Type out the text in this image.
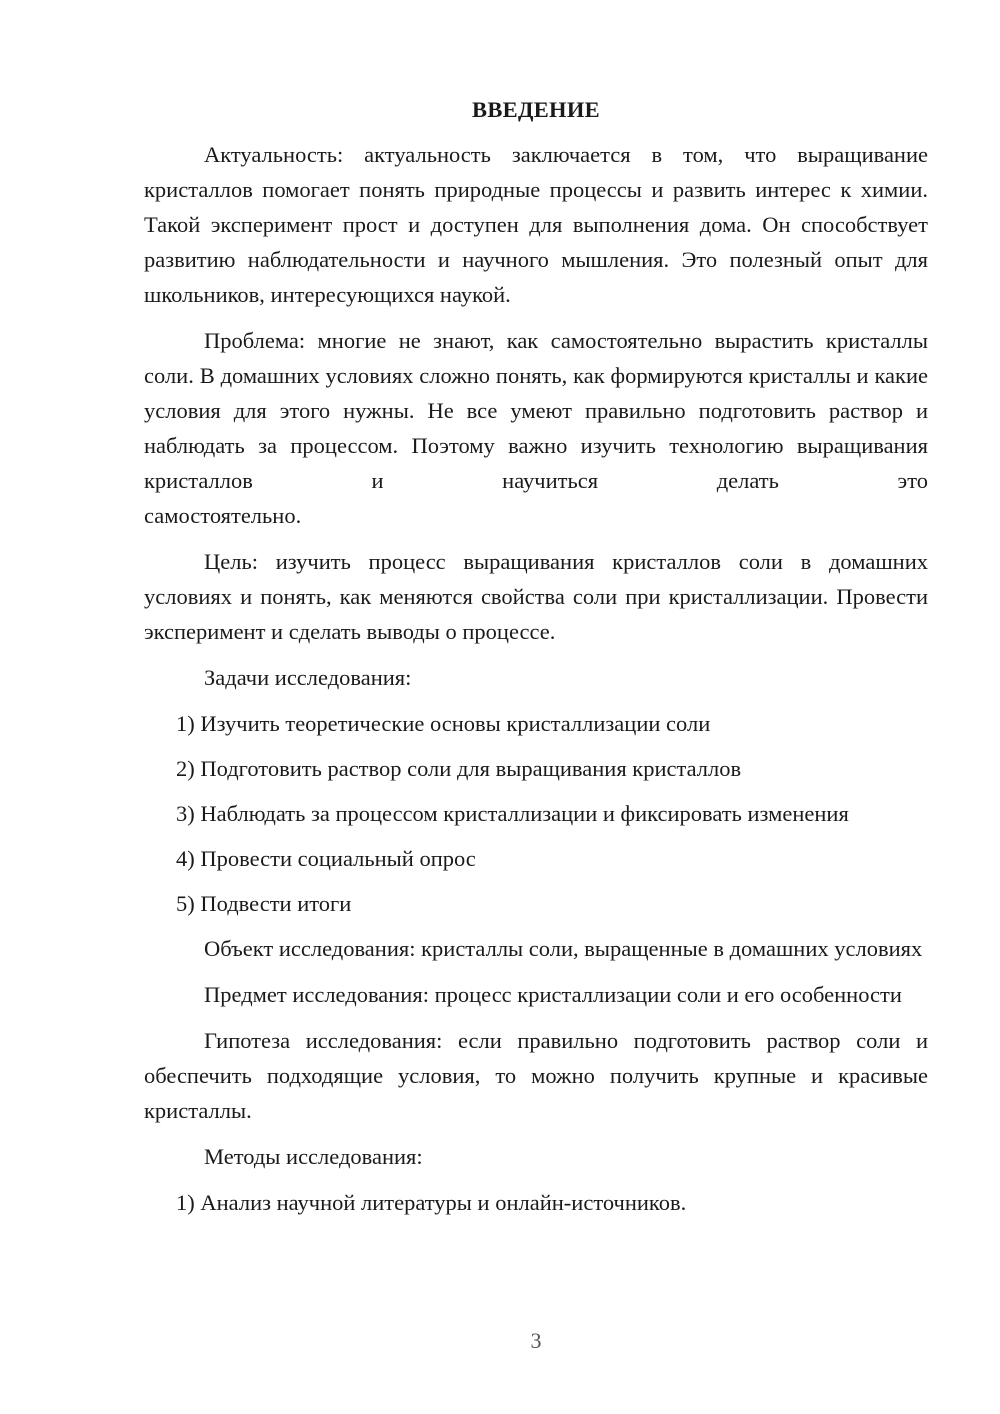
ВВЕДЕНИЕ

Актуальность: актуальность заключается в том, что выращивание кристаллов помогает понять природные процессы и развить интерес к химии. Такой эксперимент прост и доступен для выполнения дома. Он способствует развитию наблюдательности и научного мышления. Это полезный опыт для школьников, интересующихся наукой.

Проблема: многие не знают, как самостоятельно вырастить кристаллы соли. В домашних условиях сложно понять, как формируются кристаллы и какие условия для этого нужны. Не все умеют правильно подготовить раствор и наблюдать за процессом. Поэтому важно изучить технологию выращивания кристаллов и научиться делать это

самостоятельно.

Цель: изучить процесс выращивания кристаллов соли в домашних условиях и понять, как меняются свойства соли при кристаллизации. Провести эксперимент и сделать выводы о процессе.

Задачи исследования:

1) Изучить теоретические основы кристаллизации соли

2) Подготовить раствор соли для выращивания кристаллов

3) Наблюдать за процессом кристаллизации и фиксировать изменения

4) Провести социальный опрос

5) Подвести итоги

Объект исследования: кристаллы соли, выращенные в домашних условиях

Предмет исследования: процесс кристаллизации соли и его особенности

Гипотеза исследования: если правильно подготовить раствор соли и обеспечить подходящие условия, то можно получить крупные и красивые кристаллы.

Методы исследования:

1) Анализ научной литературы и онлайн-источников.

3
